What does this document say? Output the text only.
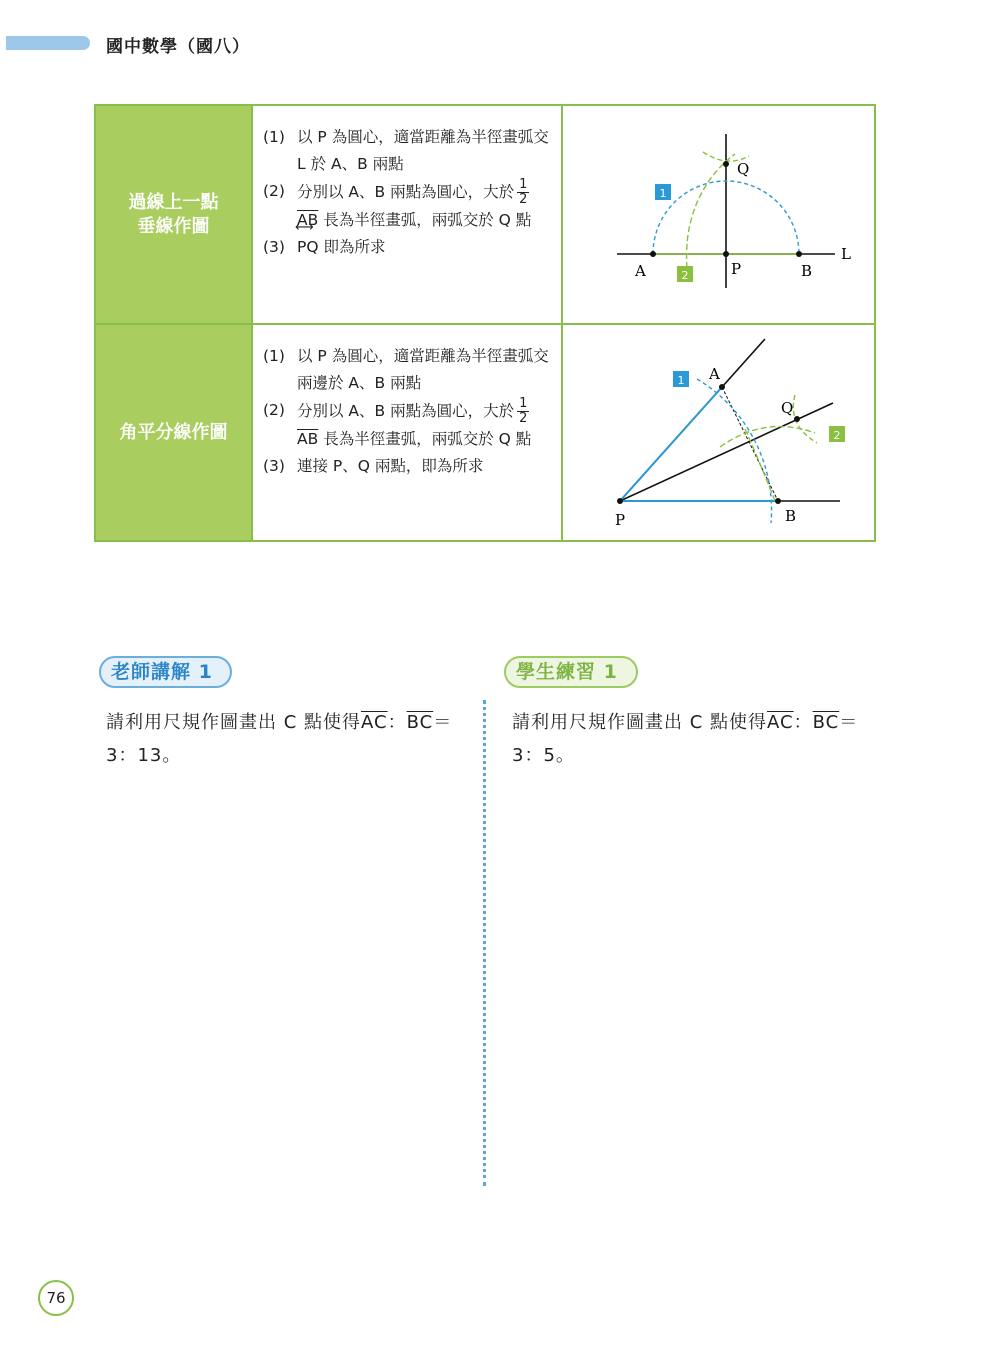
國中數學（國八）
過線上一點
垂線作圖
(1) 以 P 為圓心，適當距離為半徑畫弧交 L 於 A、B 兩點
(2) 分別以 A、B 兩點為圓心，大於 $\frac{1}{2}$
$\overline{AB}$ 長為半徑畫弧，兩弧交於 Q 點
(3) ⟷ PQ 即為所求
A	B
P
Q
L
1
2
角平分線作圖
(1) 以 P 為圓心，適當距離為半徑畫弧交兩邊於 A、B 兩點
(2) 分別以 A、B 兩點為圓心，大於 $\frac{1}{2}$
$\overline{AB}$ 長為半徑畫弧，兩弧交於 Q 點
(3) 連接 P、Q 兩點，即為所求
P
A
B
Q
1
2
老師講解 1	學生練習 1
請利用尺規作圖畫出 C 點使得$\overline{AC}$：$\overline{BC}= 3$：13。
請利用尺規作圖畫出 C 點使得$\overline{AC}$：$\overline{BC}= 3$：5。
76
